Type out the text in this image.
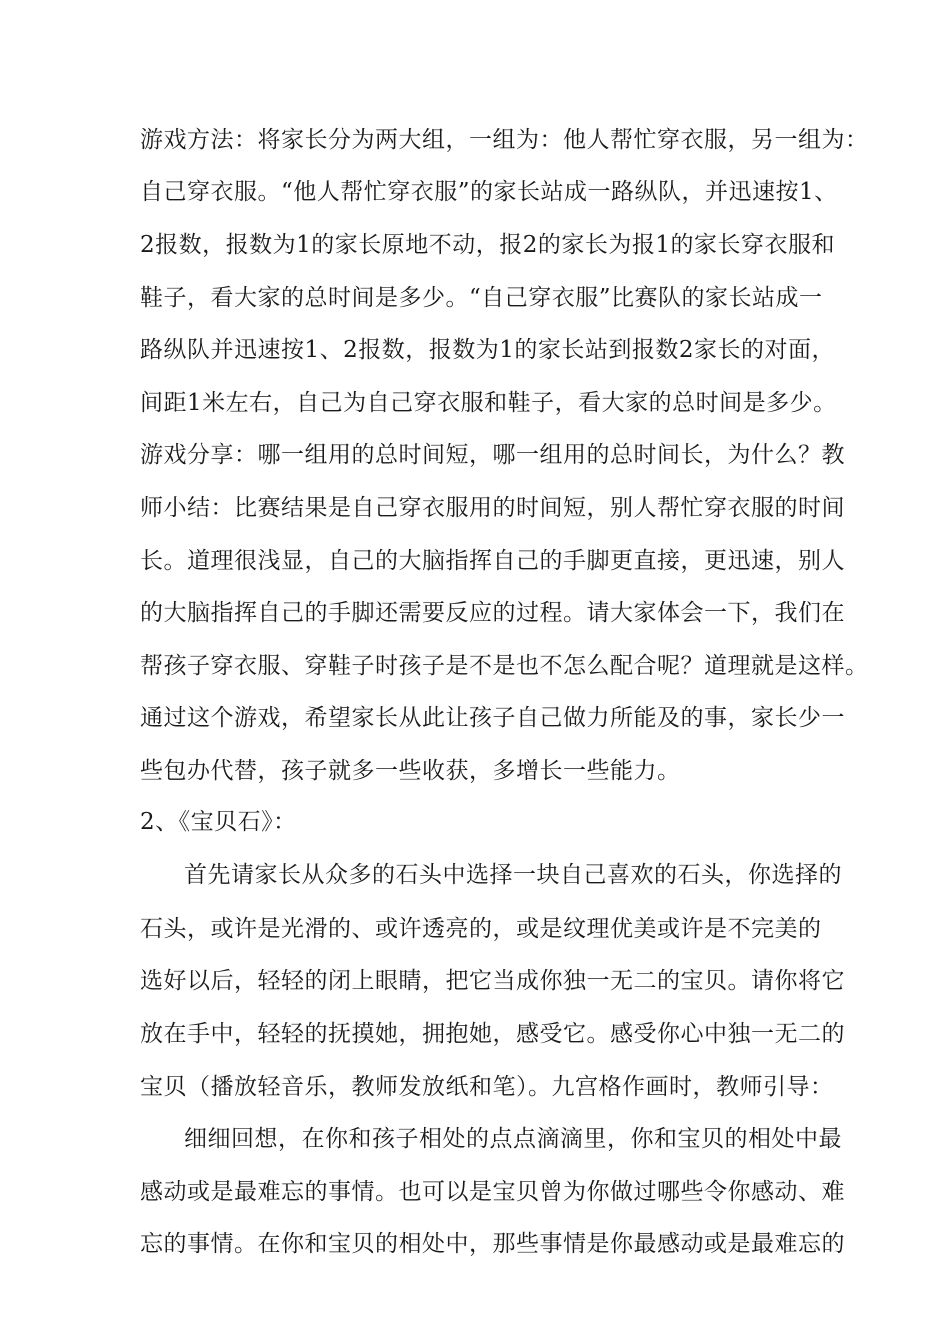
游戏方法：将家长分为两大组，一组为：他人帮忙穿衣服，另一组为：
自己穿衣服。“他人帮忙穿衣服”的家长站成一路纵队，并迅速按1、
2报数，报数为1的家长原地不动，报2的家长为报1的家长穿衣服和
鞋子，看大家的总时间是多少。“自己穿衣服”比赛队的家长站成一
路纵队并迅速按1、2报数，报数为1的家长站到报数2家长的对面，
间距1米左右，自己为自己穿衣服和鞋子，看大家的总时间是多少。
游戏分享：哪一组用的总时间短，哪一组用的总时间长，为什么？教
师小结：比赛结果是自己穿衣服用的时间短，别人帮忙穿衣服的时间
长。道理很浅显，自己的大脑指挥自己的手脚更直接，更迅速，别人
的大脑指挥自己的手脚还需要反应的过程。请大家体会一下，我们在
帮孩子穿衣服、穿鞋子时孩子是不是也不怎么配合呢？道理就是这样。
通过这个游戏，希望家长从此让孩子自己做力所能及的事，家长少一
些包办代替，孩子就多一些收获，多增长一些能力。
2、《宝贝石》：
首先请家长从众多的石头中选择一块自己喜欢的石头，你选择的
石头，或许是光滑的、或许透亮的，或是纹理优美或许是不完美的
选好以后，轻轻的闭上眼睛，把它当成你独一无二的宝贝。请你将它
放在手中，轻轻的抚摸她，拥抱她，感受它。感受你心中独一无二的
宝贝（播放轻音乐，教师发放纸和笔）。九宫格作画时，教师引导：
细细回想，在你和孩子相处的点点滴滴里，你和宝贝的相处中最
感动或是最难忘的事情。也可以是宝贝曾为你做过哪些令你感动、难
忘的事情。在你和宝贝的相处中，那些事情是你最感动或是最难忘的
